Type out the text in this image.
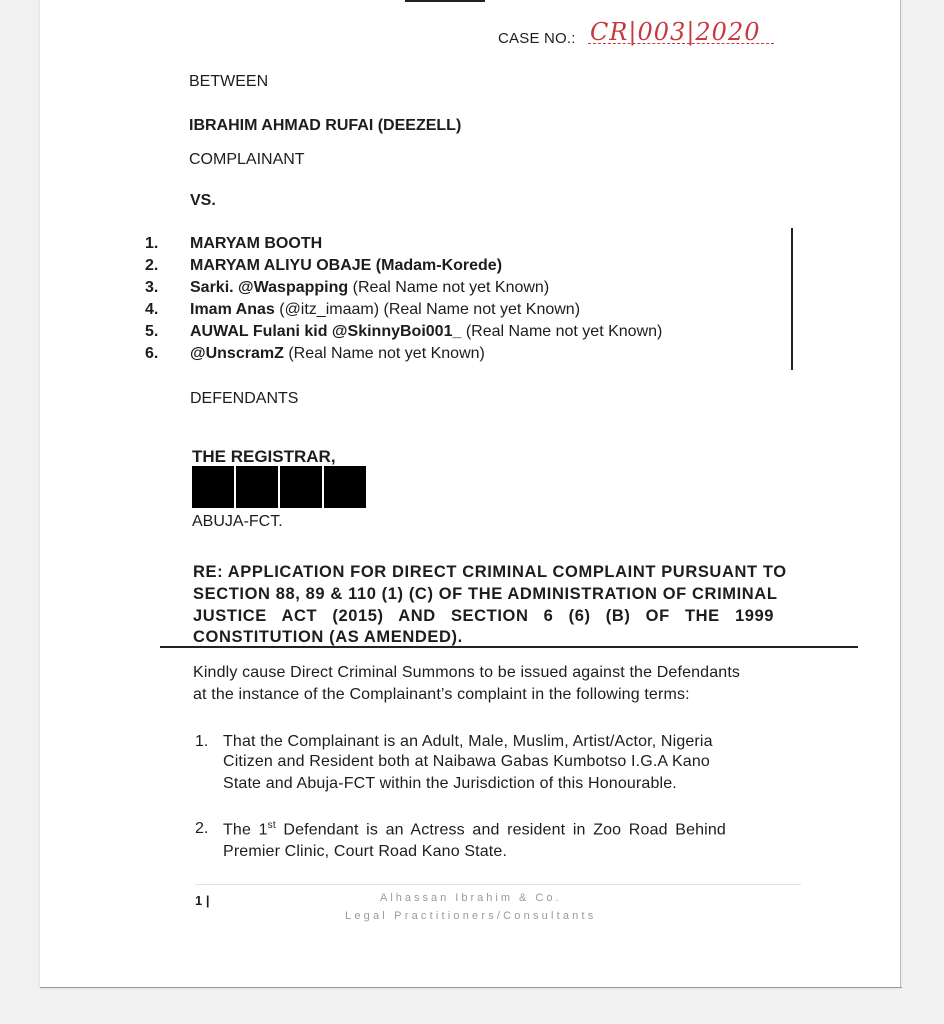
CASE NO.: CR|003|2020
BETWEEN
IBRAHIM AHMAD RUFAI (DEEZELL)
COMPLAINANT
VS.
1. MARYAM BOOTH
2. MARYAM ALIYU OBAJE (Madam-Korede)
3. Sarki. @Waspapping (Real Name not yet Known)
4. Imam Anas (@itz_imaam) (Real Name not yet Known)
5. AUWAL Fulani kid @SkinnyBoi001_ (Real Name not yet Known)
6. @UnscramZ (Real Name not yet Known)
DEFENDANTS
THE REGISTRAR,
ABUJA-FCT.
RE: APPLICATION FOR DIRECT CRIMINAL COMPLAINT PURSUANT TO
SECTION 88, 89 & 110 (1) (C) OF THE ADMINISTRATION OF CRIMINAL
JUSTICE ACT (2015) AND SECTION 6 (6) (B) OF THE 1999
CONSTITUTION (AS AMENDED).
Kindly cause Direct Criminal Summons to be issued against the Defendants
at the instance of the Complainant’s complaint in the following terms:
1. That the Complainant is an Adult, Male, Muslim, Artist/Actor, Nigeria
Citizen and Resident both at Naibawa Gabas Kumbotso I.G.A Kano
State and Abuja-FCT within the Jurisdiction of this Honourable.
2. The 1st Defendant is an Actress and resident in Zoo Road Behind
Premier Clinic, Court Road Kano State.
1 |	Alhassan Ibrahim & Co.
Legal Practitioners/Consultants
